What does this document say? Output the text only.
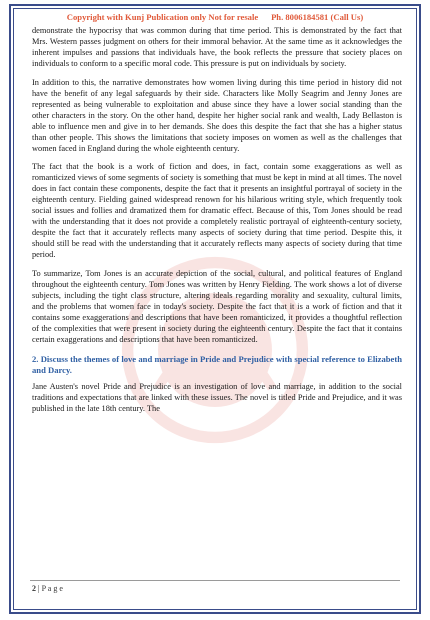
Copyright with Kunj Publication only Not for resale Ph. 8006184581 (Call Us)

demonstrate the hypocrisy that was common during that time period. This is demonstrated by the fact that Mrs. Western passes judgment on others for their immoral behavior. At the same time as it acknowledges the inherent impulses and passions that individuals have, the book reflects the pressure that society places on individuals to conform to a specific moral code. This pressure is put on individuals by society.

In addition to this, the narrative demonstrates how women living during this time period in history did not have the benefit of any legal safeguards by their side. Characters like Molly Seagrim and Jenny Jones are represented as being vulnerable to exploitation and abuse since they have a lower social standing than the other characters in the story. On the other hand, despite her higher social rank and wealth, Lady Bellaston is able to influence men and give in to her demands. She does this despite the fact that she has a higher status than other people. This shows the limitations that society imposes on women as well as the challenges that women faced in England during the whole eighteenth century.

The fact that the book is a work of fiction and does, in fact, contain some exaggerations as well as romanticized views of some segments of society is something that must be kept in mind at all times. The novel does in fact contain these components, despite the fact that it presents an insightful portrayal of society in the eighteenth century. Fielding gained widespread renown for his hilarious writing style, which frequently took social issues and follies and dramatized them for dramatic effect. Because of this, Tom Jones should be read with the understanding that it does not provide a completely realistic portrayal of eighteenth-century society, despite the fact that it accurately reflects many aspects of society during that time period. Despite this, it should still be read with the understanding that it accurately reflects many aspects of society during that time period.

To summarize, Tom Jones is an accurate depiction of the social, cultural, and political features of England throughout the eighteenth century. Tom Jones was written by Henry Fielding. The work shows a lot of diverse subjects, including the tight class structure, altering ideals regarding morality and sexuality, cultural limits, and the problems that women face in today's society. Despite the fact that it is a work of fiction and that it contains some exaggerations and descriptions that have been romanticized, it provides a thoughtful reflection of the complexities that were present in society during the eighteenth century. Despite the fact that it contains certain exaggerations and descriptions that have been romanticized.

2. Discuss the themes of love and marriage in Pride and Prejudice with special reference to Elizabeth and Darcy.

Jane Austen's novel Pride and Prejudice is an investigation of love and marriage, in addition to the social traditions and expectations that are linked with these issues. The novel is titled Pride and Prejudice, and it was published in the late 18th century. The

2 | P a g e
